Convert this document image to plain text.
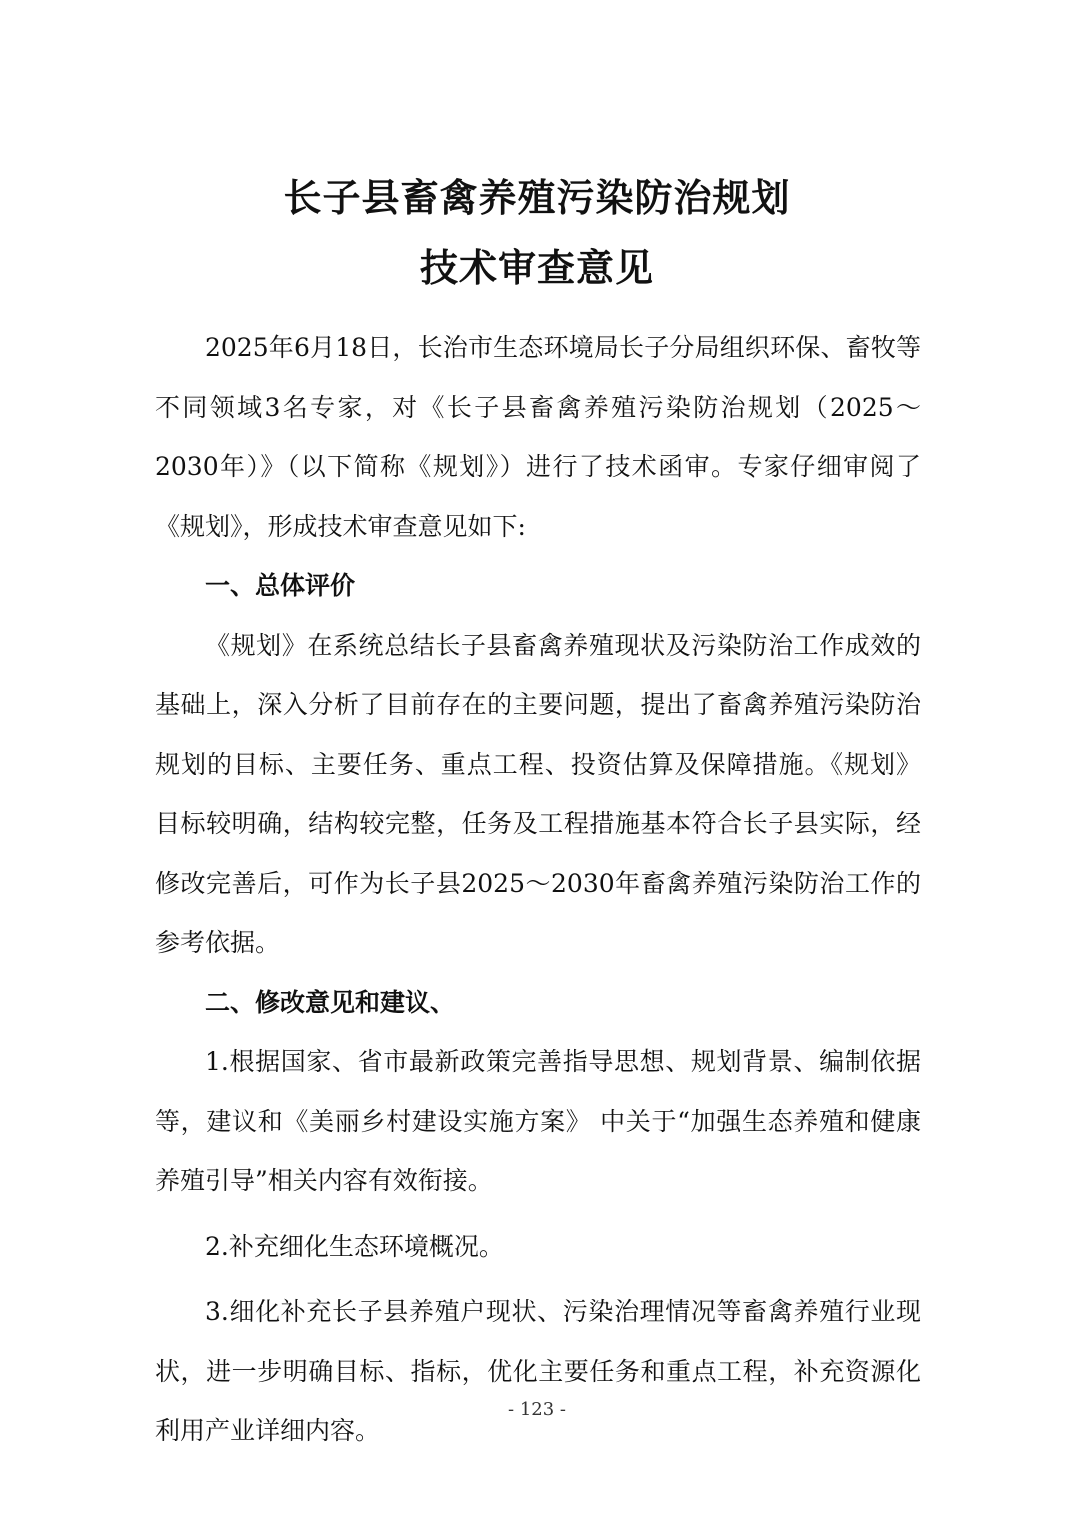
长子县畜禽养殖污染防治规划
技术审查意见

2025年6月18日，长治市生态环境局长子分局组织环保、畜牧等不同领域3名专家，对《长子县畜禽养殖污染防治规划（2025～ 2030年）》（以下简称《规划》）进行了技术函审。专家仔细审阅了《规划》，形成技术审查意见如下:

一、总体评价

《规划》在系统总结长子县畜禽养殖现状及污染防治工作成效的基础上，深入分析了目前存在的主要问题，提出了畜禽养殖污染防治规划的目标、主要任务、重点工程、投资估算及保障措施。《规划》 目标较明确，结构较完整，任务及工程措施基本符合长子县实际，经修改完善后，可作为长子县2025～2030年畜禽养殖污染防治工作的参考依据。

二、修改意见和建议、

1.根据国家、省市最新政策完善指导思想、规划背景、编制依据等，建议和《美丽乡村建设实施方案》 中关于“加强生态养殖和健康养殖引导”相关内容有效衔接。

2.补充细化生态环境概况。

3.细化补充长子县养殖户现状、污染治理情况等畜禽养殖行业现状，进一步明确目标、指标，优化主要任务和重点工程，补充资源化利用产业详细内容。

- 123 -
